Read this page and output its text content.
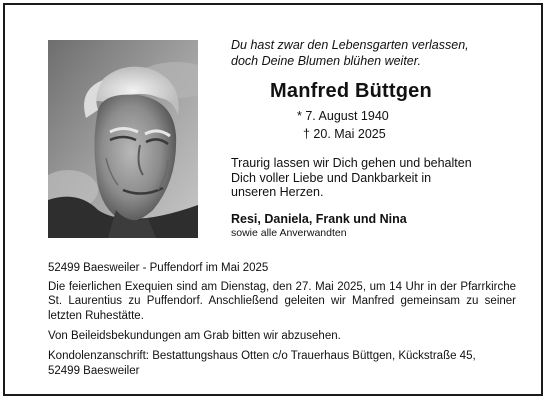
Du hast zwar den Lebensgarten verlassen,
doch Deine Blumen blühen weiter.
Manfred Büttgen
* 7. August 1940
† 20. Mai 2025
Traurig lassen wir Dich gehen und behalten
Dich voller Liebe und Dankbarkeit in
unseren Herzen.
Resi, Daniela, Frank und Nina
sowie alle Anverwandten
52499 Baesweiler - Puffendorf im Mai 2025
Die feierlichen Exequien sind am Dienstag, den 27. Mai 2025, um 14 Uhr in der Pfarrkirche
St. Laurentius zu Puffendorf. Anschließend geleiten wir Manfred gemeinsam zu seiner
letzten Ruhestätte.
Von Beileidsbekundungen am Grab bitten wir abzusehen.
Kondolenzanschrift: Bestattungshaus Otten c/o Trauerhaus Büttgen, Kückstraße 45,
52499 Baesweiler
